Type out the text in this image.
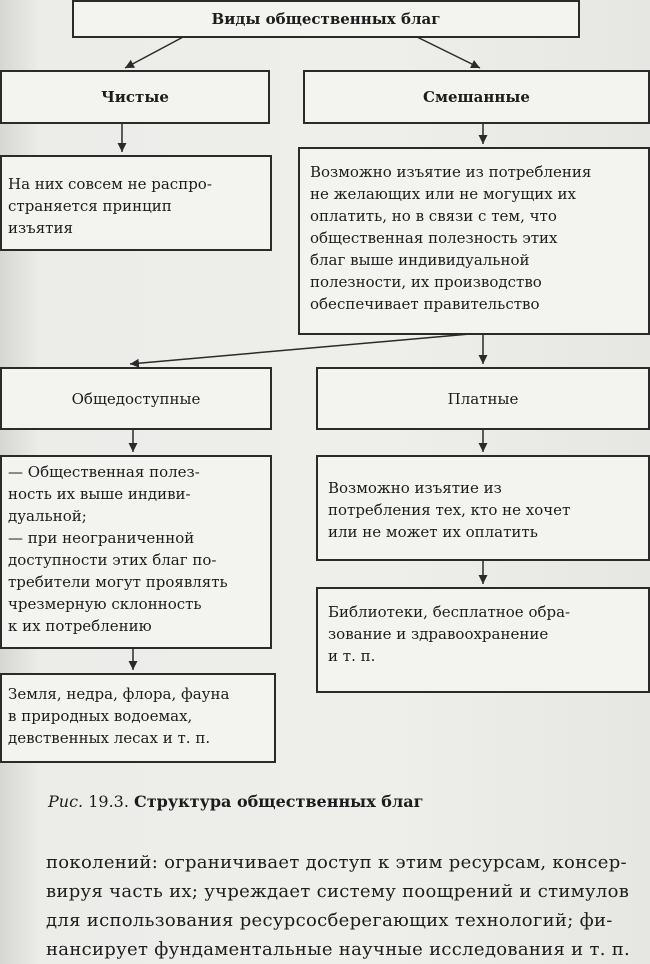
Виды общественных благ
Чистые	Смешанные
На них совсем не распро-
страняется принцип
изъятия
Возможно изъятие из потребления
не желающих или не могущих их
оплатить, но в связи с тем, что
общественная полезность этих
благ выше индивидуальной
полезности, их производство
обеспечивает правительство
Общедоступные	Платные
— Общественная полез-
ность их выше индиви-
дуальной;
— при неограниченной
доступности этих благ по-
требители могут проявлять
чрезмерную склонность
к их потреблению
Возможно изъятие из
потребления тех, кто не хочет
или не может их оплатить
Библиотеки, бесплатное обра-
зование и здравоохранение
и т. п.
Земля, недра, флора, фауна
в природных водоемах,
девственных лесах и т. п.
Рис. 19.3. Структура общественных благ
поколений: ограничивает доступ к этим ресурсам, консер-
вируя часть их; учреждает систему поощрений и стимулов
для использования ресурсосберегающих технологий; фи-
нансирует фундаментальные научные исследования и т. п.
